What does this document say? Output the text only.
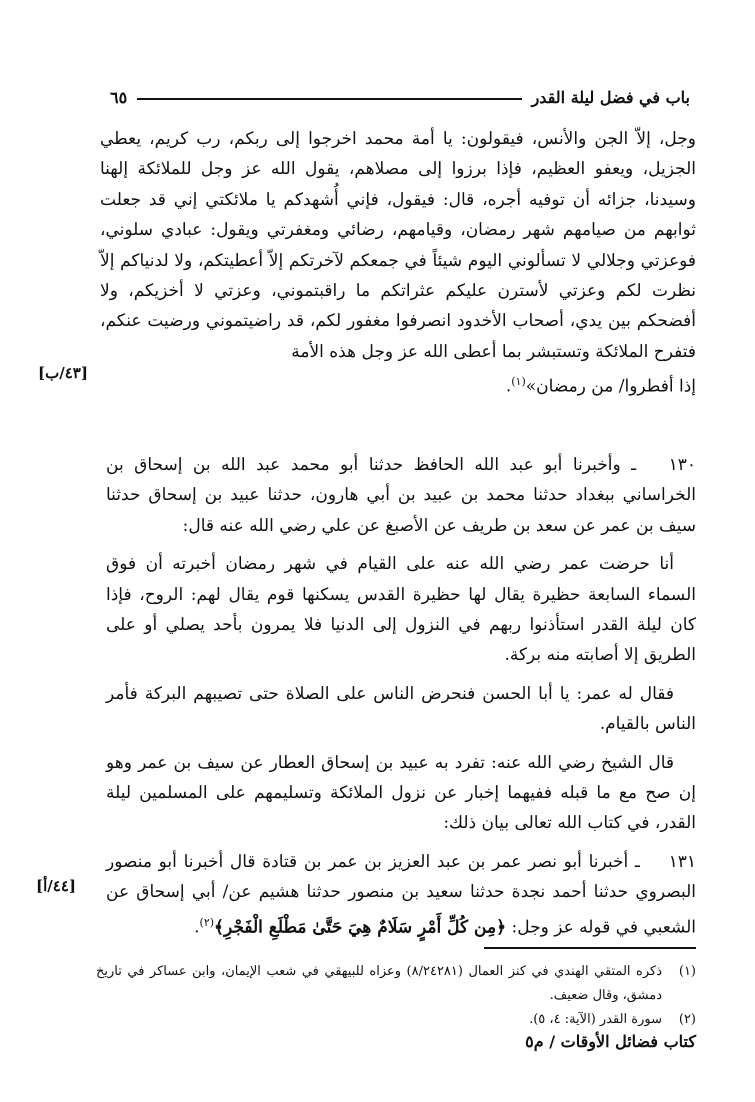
باب في فضل ليلة القدر
٦٥
وجل، إلاّ الجن والأنس، فيقولون: يا أمة محمد اخرجوا إلى ربكم، رب كريم، يعطي الجزيل، ويعفو العظيم، فإذا برزوا إلى مصلاهم، يقول الله عز وجل للملائكة إلهنا وسيدنا، جزائه أن توفيه أجره، قال: فيقول، فإني أُشهدكم يا ملائكتي إني قد جعلت ثوابهم من صيامهم شهر رمضان، وقيامهم، رضائي ومغفرتي ويقول: عبادي سلوني، فوعزتي وجلالي لا تسألوني اليوم شيئاً في جمعكم لآخرتكم إلاّ أعطيتكم، ولا لدنياكم إلاّ نظرت لكم وعزتي لأسترن عليكم عثراتكم ما راقبتموني، وعزتي لا أخزيكم، ولا أفضحكم بين يدي، أصحاب الأخدود انصرفوا مغفور لكم، قد راضيتموني ورضيت عنكم، فتفرح الملائكة وتستبشر بما أعطى الله عز وجل هذه الأمة
إذا أفطروا/ من رمضان»$^{(١)}$.
[٤٣/ب]
١٣٠ ـ وأخبرنا أبو عبد الله الحافظ حدثنا أبو محمد عبد الله بن إسحاق بن الخراساني ببغداد حدثنا محمد بن عبيد بن أبي هارون، حدثنا عبيد بن إسحاق حدثنا سيف بن عمر عن سعد بن طريف عن الأصبغ عن علي رضي الله عنه قال:
أنا حرضت عمر رضي الله عنه على القيام في شهر رمضان أخبرته أن فوق السماء السابعة حظيرة يقال لها حظيرة القدس يسكنها قوم يقال لهم: الروح، فإذا كان ليلة القدر استأذنوا ربهم في النزول إلى الدنيا فلا يمرون بأحد يصلي أو على الطريق إلا أصابته منه بركة.
فقال له عمر: يا أبا الحسن فنحرض الناس على الصلاة حتى تصيبهم البركة فأمر الناس بالقيام.
قال الشيخ رضي الله عنه: تفرد به عبيد بن إسحاق العطار عن سيف بن عمر وهو إن صح مع ما قبله ففيهما إخبار عن نزول الملائكة وتسليمهم على المسلمين ليلة القدر، في كتاب الله تعالى بيان ذلك:
١٣١ ـ أخبرنا أبو نصر عمر بن عبد العزيز بن عمر بن قتادة قال أخبرنا أبو منصور البصروي حدثنا أحمد نجدة حدثنا سعيد بن منصور حدثنا هشيم عن/ أبي إسحاق عن الشعبي في قوله عز وجل: ﴿مِن كُلِّ أَمْرٍ سَلَامٌ هِيَ حَتَّىٰ مَطْلَعِ الْفَجْرِ﴾$^{(٢)}$.
[٤٤/أ]
(١)
ذكره المتقي الهندي في كنز العمال (٨/٢٤٢٨١) وعزاه للبيهقي في شعب الإيمان، وابن عساكر في تاريخ دمشق، وقال ضعيف.
(٢)
سورة القدر (الآية: ٤، ٥).
كتاب فضائل الأوقات / م٥
